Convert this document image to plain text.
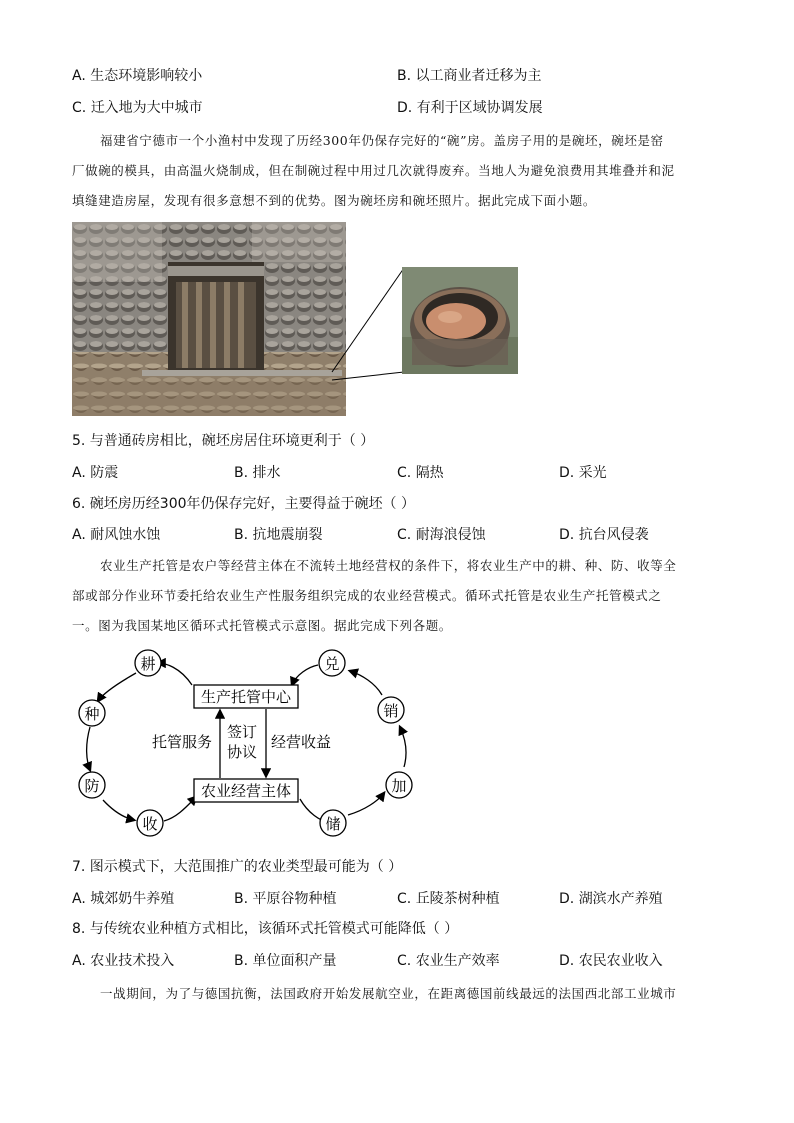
A. 生态环境影响较小	B. 以工商业者迁移为主
C. 迁入地为大中城市	D. 有利于区域协调发展
福建省宁德市一个小渔村中发现了历经300年仍保存完好的“碗”房。盖房子用的是碗坯，碗坯是窑
厂做碗的模具，由高温火烧制成，但在制碗过程中用过几次就得废弃。当地人为避免浪费用其堆叠并和泥
填缝建造房屋，发现有很多意想不到的优势。图为碗坯房和碗坯照片。据此完成下面小题。
5. 与普通砖房相比，碗坯房居住环境更利于（ ）
A. 防震	B. 排水	C. 隔热	D. 采光
6. 碗坯房历经300年仍保存完好，主要得益于碗坯（ ）
A. 耐风蚀水蚀	B. 抗地震崩裂	C. 耐海浪侵蚀	D. 抗台风侵袭
农业生产托管是农户等经营主体在不流转土地经营权的条件下，将农业生产中的耕、种、防、收等全
部或部分作业环节委托给农业生产性服务组织完成的农业经营模式。循环式托管是农业生产托管模式之
一。图为我国某地区循环式托管模式示意图。据此完成下列各题。
生产托管中心
农业经营主体
托管服务
签订
协议
经营收益
耕
种
防
收
兑
销
加
储
7. 图示模式下，大范围推广的农业类型最可能为（ ）
A. 城郊奶牛养殖	B. 平原谷物种植	C. 丘陵茶树种植	D. 湖滨水产养殖
8. 与传统农业种植方式相比，该循环式托管模式可能降低（ ）
A. 农业技术投入	B. 单位面积产量	C. 农业生产效率	D. 农民农业收入
一战期间，为了与德国抗衡，法国政府开始发展航空业，在距离德国前线最远的法国西北部工业城市
